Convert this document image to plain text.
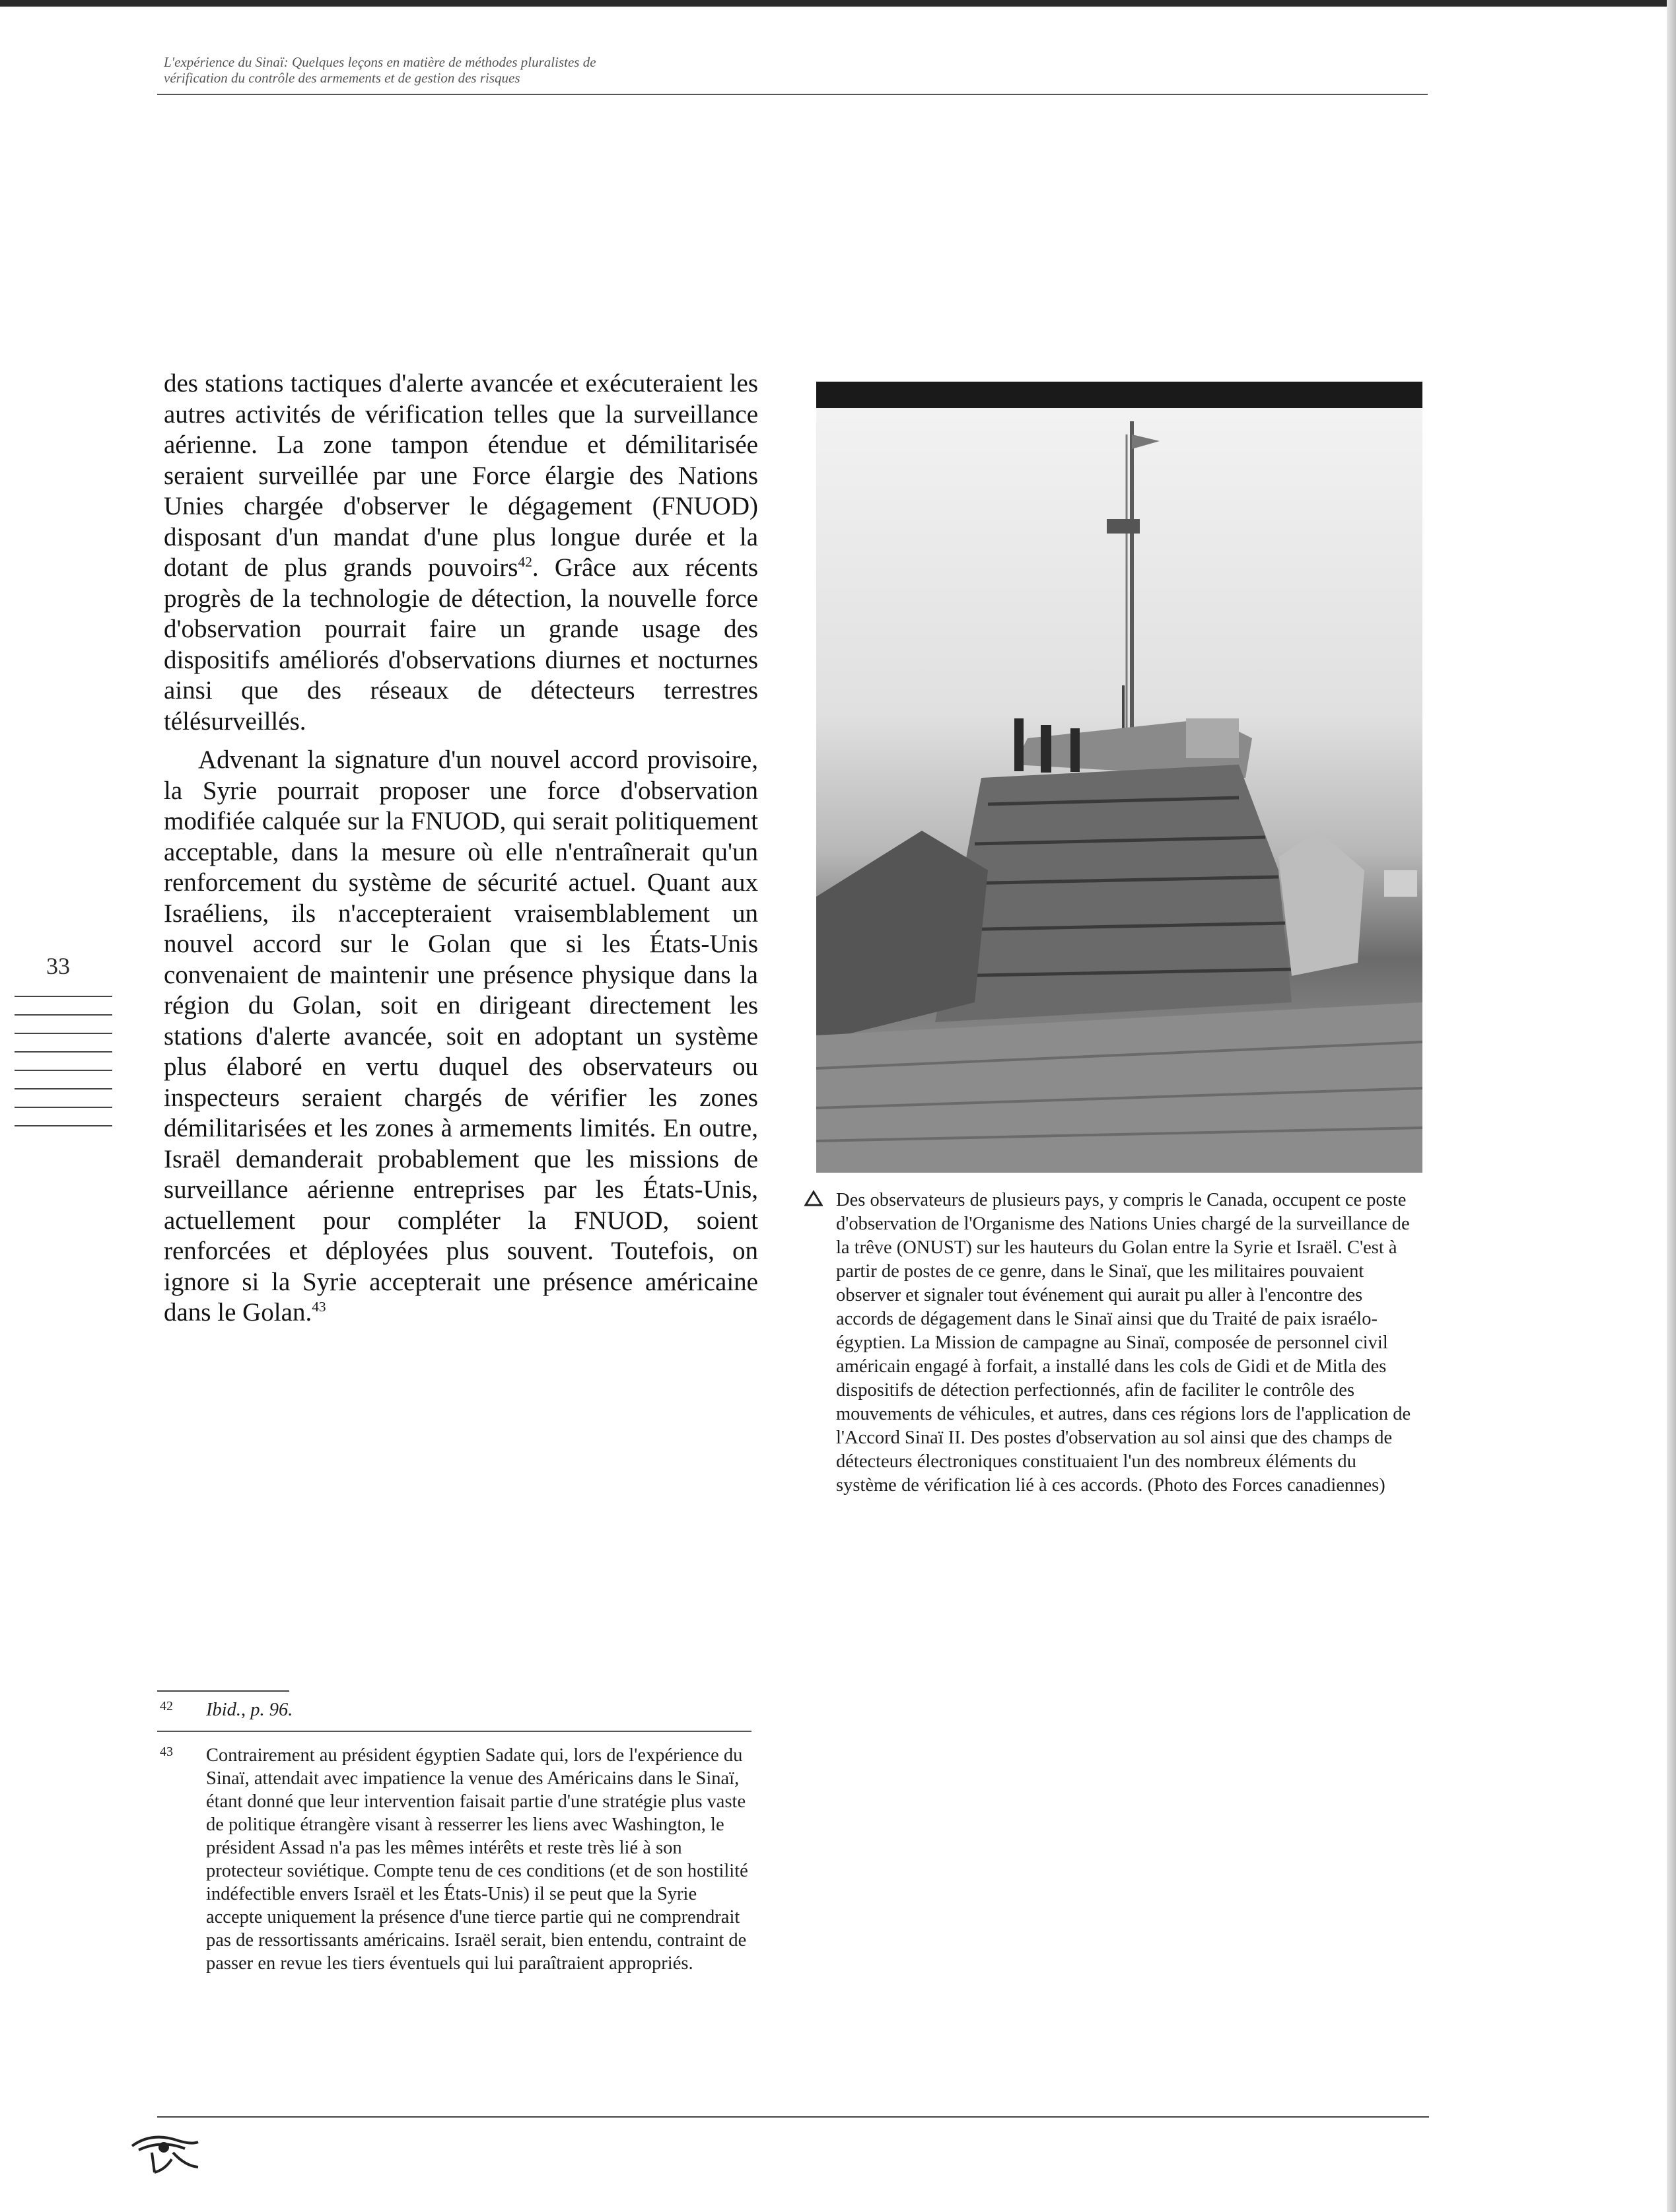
L'expérience du Sinaï: Quelques leçons en matière de méthodes pluralistes de
vérification du contrôle des armements et de gestion des risques

des stations tactiques d'alerte avancée et exécuteraient les autres activités de vérification telles que la surveillance aérienne. La zone tampon étendue et démilitarisée seraient surveillée par une Force élargie des Nations Unies chargée d'observer le dégagement (FNUOD) disposant d'un mandat d'une plus longue durée et la dotant de plus grands pouvoirs$^{42}$. Grâce aux récents progrès de la technologie de détection, la nouvelle force d'observation pourrait faire un grande usage des dispositifs améliorés d'observations diurnes et nocturnes ainsi que des réseaux de détecteurs terrestres télésurveillés.

Advenant la signature d'un nouvel accord provisoire, la Syrie pourrait proposer une force d'observation modifiée calquée sur la FNUOD, qui serait politiquement acceptable, dans la mesure où elle n'entraînerait qu'un renforcement du système de sécurité actuel. Quant aux Israéliens, ils n'accepteraient vraisemblablement un nouvel accord sur le Golan que si les États-Unis convenaient de maintenir une présence physique dans la région du Golan, soit en dirigeant directement les stations d'alerte avancée, soit en adoptant un système plus élaboré en vertu duquel des observateurs ou inspecteurs seraient chargés de vérifier les zones démilitarisées et les zones à armements limités. En outre, Israël demanderait probablement que les missions de surveillance aérienne entreprises par les États-Unis, actuellement pour compléter la FNUOD, soient renforcées et déployées plus souvent. Toutefois, on ignore si la Syrie accepterait une présence américaine dans le Golan.$^{43}$

33
Des observateurs de plusieurs pays, y compris le Canada, occupent ce poste d'observation de l'Organisme des Nations Unies chargé de la surveillance de la trêve (ONUST) sur les hauteurs du Golan entre la Syrie et Israël. C'est à partir de postes de ce genre, dans le Sinaï, que les militaires pouvaient observer et signaler tout événement qui aurait pu aller à l'encontre des accords de dégagement dans le Sinaï ainsi que du Traité de paix israélo-égyptien. La Mission de campagne au Sinaï, composée de personnel civil américain engagé à forfait, a installé dans les cols de Gidi et de Mitla des dispositifs de détection perfectionnés, afin de faciliter le contrôle des mouvements de véhicules, et autres, dans ces régions lors de l'application de l'Accord Sinaï II. Des postes d'observation au sol ainsi que des champs de détecteurs électroniques constituaient l'un des nombreux éléments du système de vérification lié à ces accords. (Photo des Forces canadiennes)
42 Ibid., p. 96.
43 Contrairement au président égyptien Sadate qui, lors de l'expérience du Sinaï, attendait avec impatience la venue des Américains dans le Sinaï, étant donné que leur intervention faisait partie d'une stratégie plus vaste de politique étrangère visant à resserrer les liens avec Washington, le président Assad n'a pas les mêmes intérêts et reste très lié à son protecteur soviétique. Compte tenu de ces conditions (et de son hostilité indéfectible envers Israël et les États-Unis) il se peut que la Syrie accepte uniquement la présence d'une tierce partie qui ne comprendrait pas de ressortissants américains. Israël serait, bien entendu, contraint de passer en revue les tiers éventuels qui lui paraîtraient appropriés.
